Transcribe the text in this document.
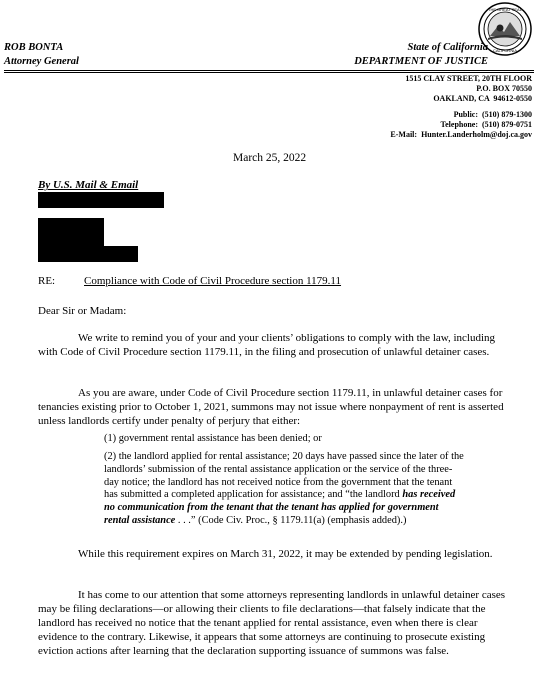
THE GREAT SEAL
CALIFORNIA
ROB BONTA
Attorney General
State of California
DEPARTMENT OF JUSTICE
1515 CLAY STREET, 20TH FLOOR
P.O. BOX 70550
OAKLAND, CA  94612-0550
Public:  (510) 879-1300
Telephone:  (510) 879-0751
E-Mail:  Hunter.Landerholm@doj.ca.gov
March 25, 2022
By U.S. Mail & Email
RE:	Compliance with Code of Civil Procedure section 1179.11
Dear Sir or Madam:
We write to remind you of your and your clients’ obligations to comply with the law, including with Code of Civil Procedure section 1179.11, in the filing and prosecution of unlawful detainer cases.
As you are aware, under Code of Civil Procedure section 1179.11, in unlawful detainer cases for tenancies existing prior to October 1, 2021, summons may not issue where nonpayment of rent is asserted unless landlords certify under penalty of perjury that either:
(1) government rental assistance has been denied; or
(2) the landlord applied for rental assistance; 20 days have passed since the later of the landlords’ submission of the rental assistance application or the service of the three-day notice; the landlord has not received notice from the government that the tenant has submitted a completed application for assistance; and “the landlord has received no communication from the tenant that the tenant has applied for government rental assistance . . .” (Code Civ. Proc., § 1179.11(a) (emphasis added).)
While this requirement expires on March 31, 2022, it may be extended by pending legislation.
It has come to our attention that some attorneys representing landlords in unlawful detainer cases may be filing declarations—or allowing their clients to file declarations—that falsely indicate that the landlord has received no notice that the tenant applied for rental assistance, even when there is clear evidence to the contrary. Likewise, it appears that some attorneys are continuing to prosecute existing eviction actions after learning that the declaration supporting issuance of summons was false.
